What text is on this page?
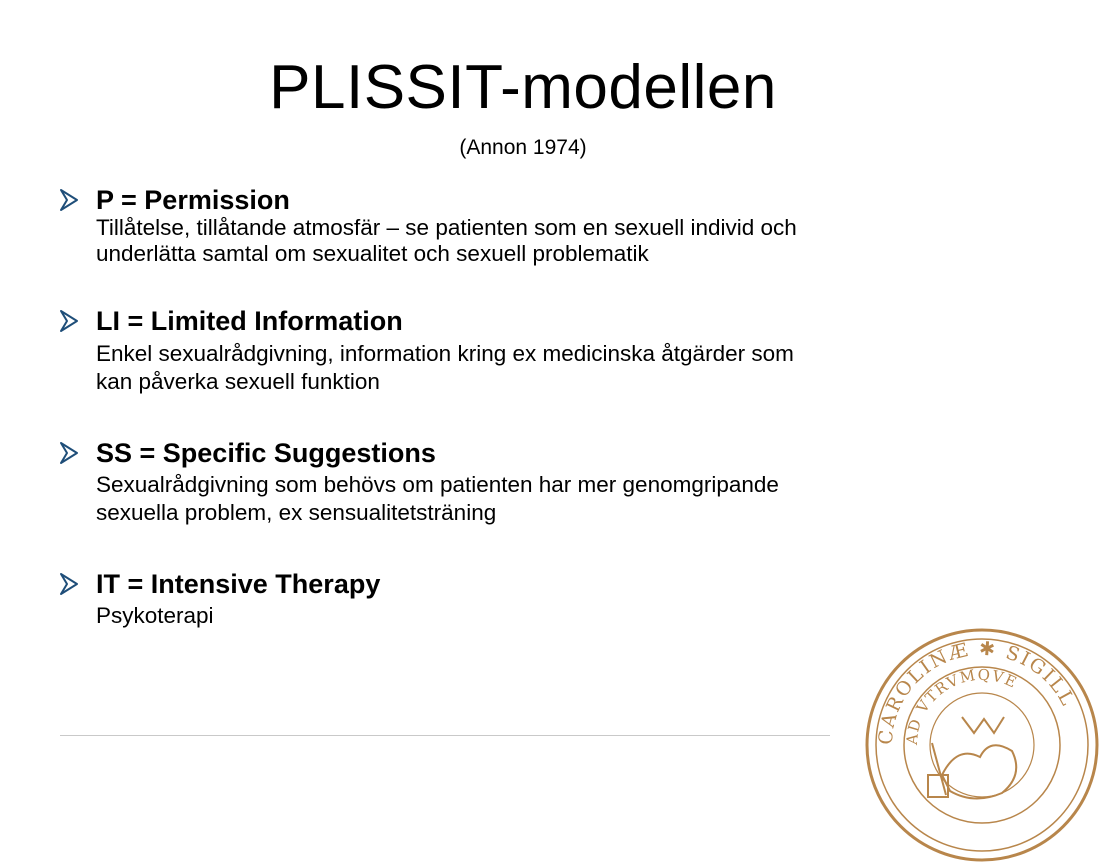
PLISSIT-modellen
(Annon 1974)
P = Permission
Tillåtelse, tillåtande atmosfär – se patienten som en sexuell individ och
underlätta samtal om sexualitet och sexuell problematik
LI = Limited Information
Enkel sexualrådgivning, information kring ex medicinska åtgärder som
kan påverka sexuell funktion
SS = Specific Suggestions
Sexualrådgivning som behövs om patienten har mer genomgripande
sexuella problem, ex sensualitetsträning
IT = Intensive Therapy
Psykoterapi
CAROLINÆ ✱ SIGILL
AD VTRVMQVE
